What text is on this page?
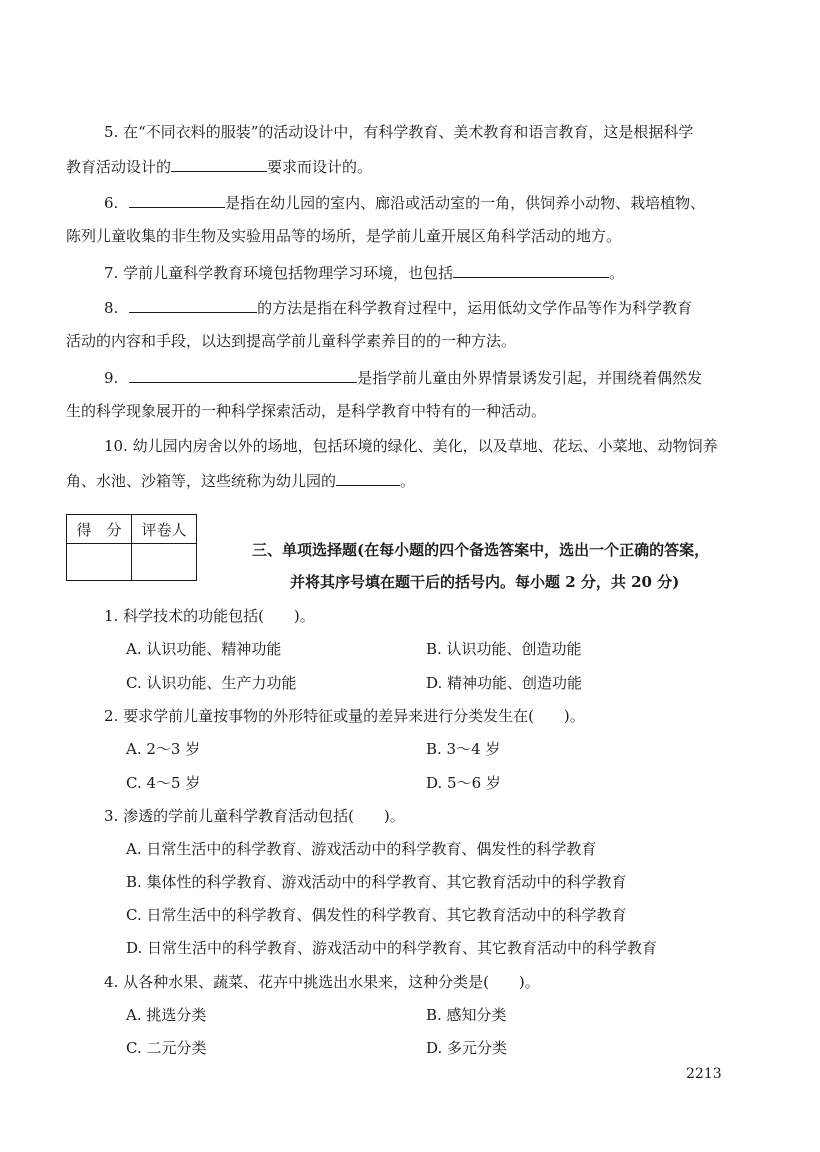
5. 在“不同衣料的服装”的活动设计中，有科学教育、美术教育和语言教育，这是根据科学
教育活动设计的	要求而设计的。
6.	是指在幼儿园的室内、廊沿或活动室的一角，供饲养小动物、栽培植物、
陈列儿童收集的非生物及实验用品等的场所，是学前儿童开展区角科学活动的地方。
7. 学前儿童科学教育环境包括物理学习环境，也包括	。
8.	的方法是指在科学教育过程中，运用低幼文学作品等作为科学教育
活动的内容和手段，以达到提高学前儿童科学素养目的的一种方法。
9.	是指学前儿童由外界情景诱发引起，并围绕着偶然发
生的科学现象展开的一种科学探索活动，是科学教育中特有的一种活动。
10. 幼儿园内房舍以外的场地，包括环境的绿化、美化，以及草地、花坛、小菜地、动物饲养
角、水池、沙箱等，这些统称为幼儿园的	。
得　分	评卷人

三、单项选择题(在每小题的四个备选答案中，选出一个正确的答案，
并将其序号填在题干后的括号内。每小题 2 分，共 20 分)
1. 科学技术的功能包括(　　)。
A. 认识功能、精神功能	B. 认识功能、创造功能
C. 认识功能、生产力功能	D. 精神功能、创造功能
2. 要求学前儿童按事物的外形特征或量的差异来进行分类发生在(　　)。
A. 2～3 岁	B. 3～4 岁
C. 4～5 岁	D. 5～6 岁
3. 渗透的学前儿童科学教育活动包括(　　)。
A. 日常生活中的科学教育、游戏活动中的科学教育、偶发性的科学教育
B. 集体性的科学教育、游戏活动中的科学教育、其它教育活动中的科学教育
C. 日常生活中的科学教育、偶发性的科学教育、其它教育活动中的科学教育
D. 日常生活中的科学教育、游戏活动中的科学教育、其它教育活动中的科学教育
4. 从各种水果、蔬菜、花卉中挑选出水果来，这种分类是(　　)。
A. 挑选分类	B. 感知分类
C. 二元分类	D. 多元分类
2213
